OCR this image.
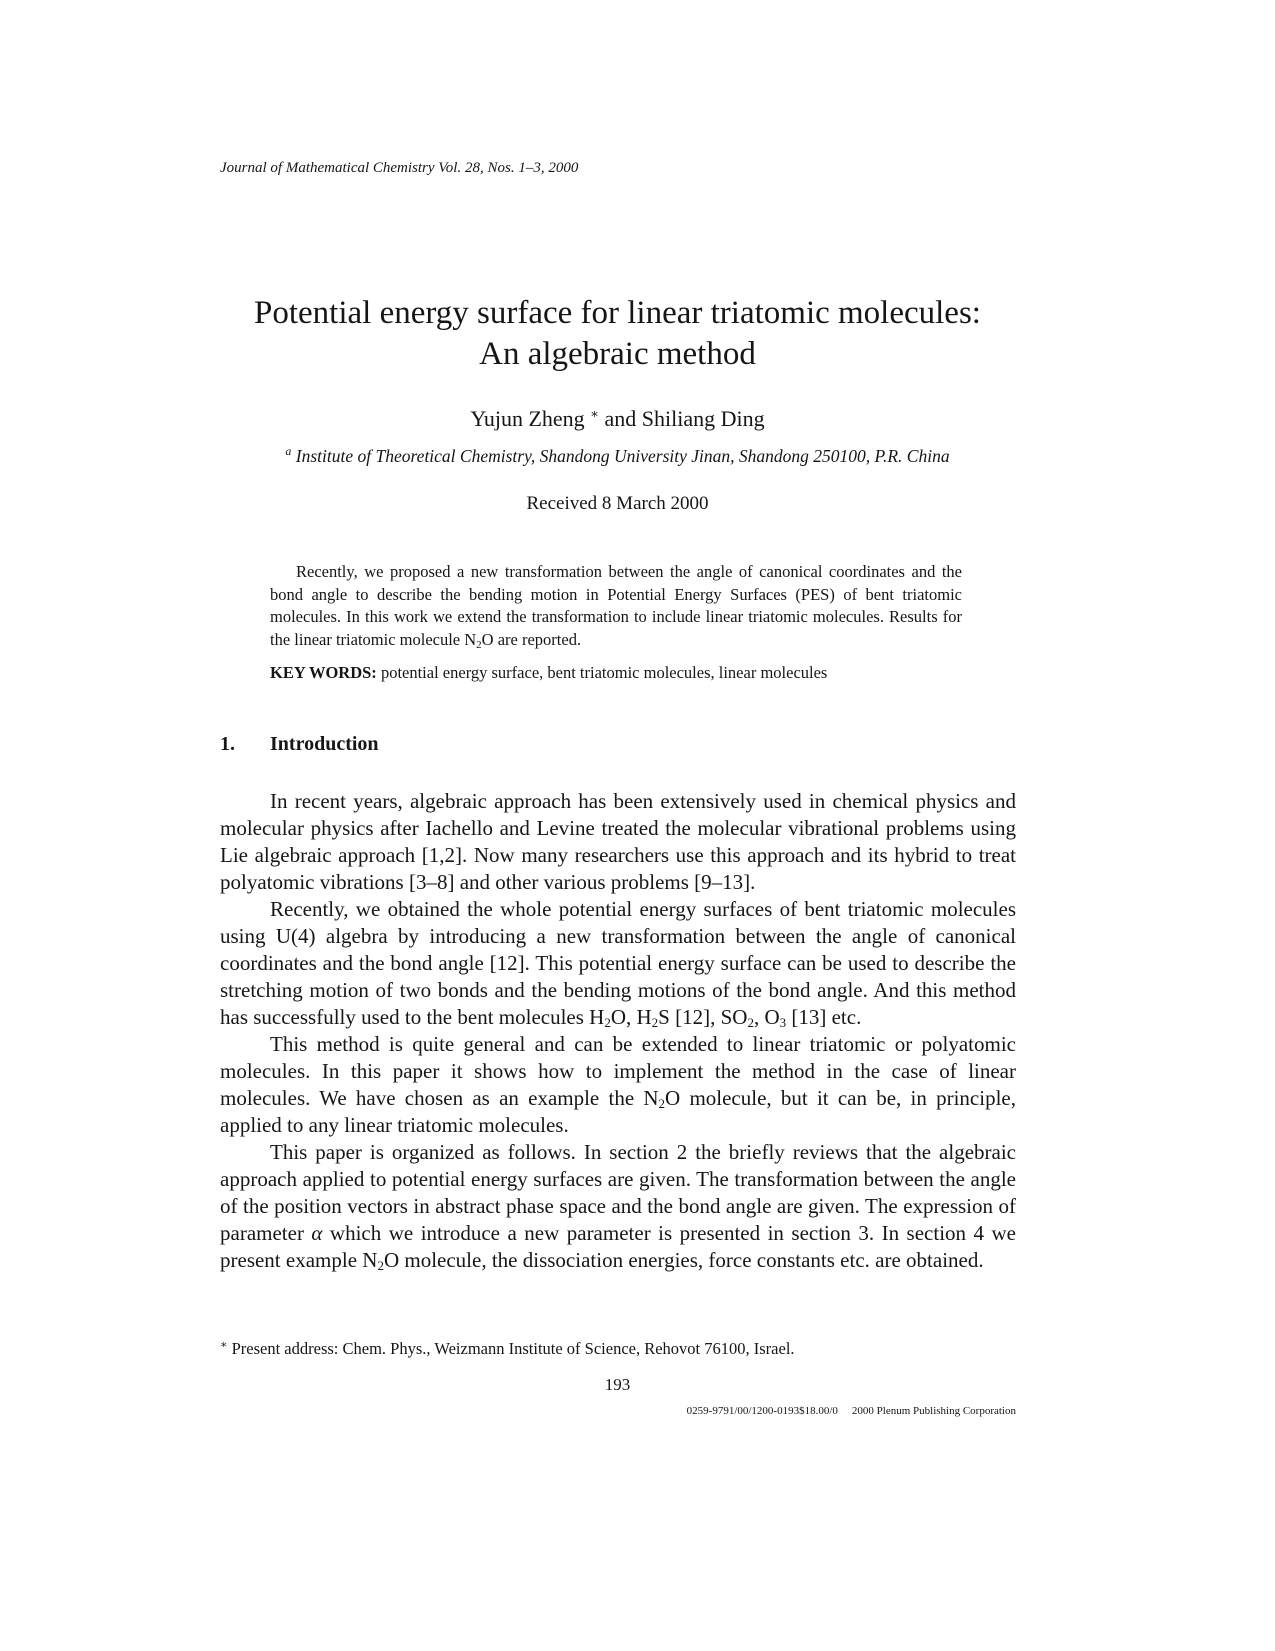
Journal of Mathematical Chemistry Vol. 28, Nos. 1–3, 2000
Potential energy surface for linear triatomic molecules:
An algebraic method
Yujun Zheng ∗ and Shiliang Ding
$^a$ Institute of Theoretical Chemistry, Shandong University Jinan, Shandong 250100, P.R. China
Received 8 March 2000
Recently, we proposed a new transformation between the angle of canonical coordinates and the bond angle to describe the bending motion in Potential Energy Surfaces (PES) of bent triatomic molecules. In this work we extend the transformation to include linear triatomic molecules. Results for the linear triatomic molecule $N_2O$ are reported.
KEY WORDS: potential energy surface, bent triatomic molecules, linear molecules
1. Introduction

In recent years, algebraic approach has been extensively used in chemical physics and molecular physics after Iachello and Levine treated the molecular vibrational problems using Lie algebraic approach [1,2]. Now many researchers use this approach and its hybrid to treat polyatomic vibrations [3–8] and other various problems [9–13].

Recently, we obtained the whole potential energy surfaces of bent triatomic molecules using U(4) algebra by introducing a new transformation between the angle of canonical coordinates and the bond angle [12]. This potential energy surface can be used to describe the stretching motion of two bonds and the bending motions of the bond angle. And this method has successfully used to the bent molecules $H_2O$, $H_2S$ [12], $SO_2$, $O_3$ [13] etc.

This method is quite general and can be extended to linear triatomic or polyatomic molecules. In this paper it shows how to implement the method in the case of linear molecules. We have chosen as an example the $N_2O$ molecule, but it can be, in principle, applied to any linear triatomic molecules.

This paper is organized as follows. In section 2 the briefly reviews that the algebraic approach applied to potential energy surfaces are given. The transformation between the angle of the position vectors in abstract phase space and the bond angle are given. The expression of parameter α which we introduce a new parameter is presented in section 3. In section 4 we present example $N_2O$ molecule, the dissociation energies, force constants etc. are obtained.

∗ Present address: Chem. Phys., Weizmann Institute of Science, Rehovot 76100, Israel.
193
0259-9791/00/1200-0193$18.00/0 2000 Plenum Publishing Corporation
